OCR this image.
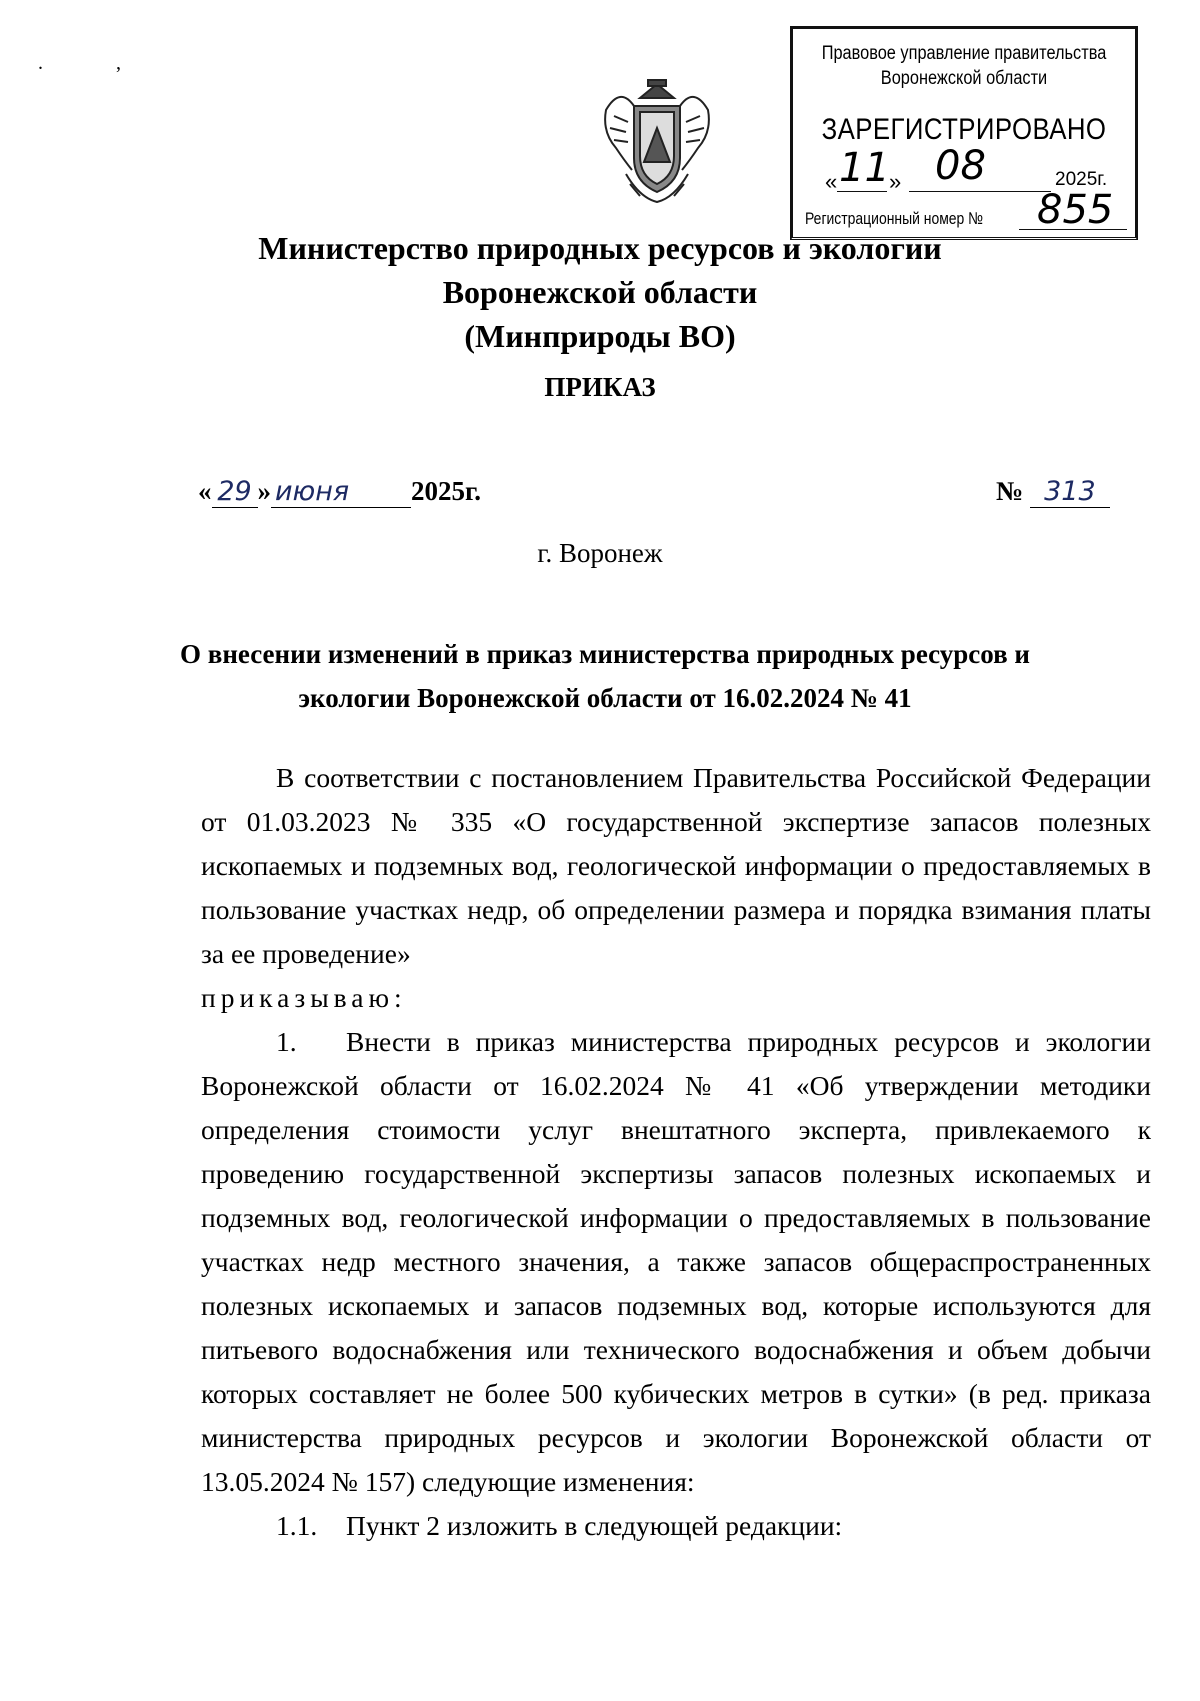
. ,	Правовое управление правительства
Воронежской области
ЗАРЕГИСТРИРОВАНО
« 11 » 08	2025г.
Регистрационный номер № 855
Министерство природных ресурсов и экологии
Воронежской области
(Минприроды ВО)
ПРИКАЗ
« 29 » июня 2025г.	№ 313
г. Воронеж
О внесении изменений в приказ министерства природных ресурсов и экологии Воронежской области от 16.02.2024 № 41

В соответствии с постановлением Правительства Российской Федерации от 01.03.2023 № 335 «О государственной экспертизе запасов полезных ископаемых и подземных вод, геологической информации о предоставляемых в пользование участках недр, об определении размера и порядка взимания платы за ее проведение»

приказываю:

1. Внести в приказ министерства природных ресурсов и экологии Воронежской области от 16.02.2024 № 41 «Об утверждении методики определения стоимости услуг внештатного эксперта, привлекаемого к проведению государственной экспертизы запасов полезных ископаемых и подземных вод, геологической информации о предоставляемых в пользование участках недр местного значения, а также запасов общераспространенных полезных ископаемых и запасов подземных вод, которые используются для питьевого водоснабжения или технического водоснабжения и объем добычи которых составляет не более 500 кубических метров в сутки» (в ред. приказа министерства природных ресурсов и экологии Воронежской области от 13.05.2024 № 157) следующие изменения:

1.1. Пункт 2 изложить в следующей редакции:
